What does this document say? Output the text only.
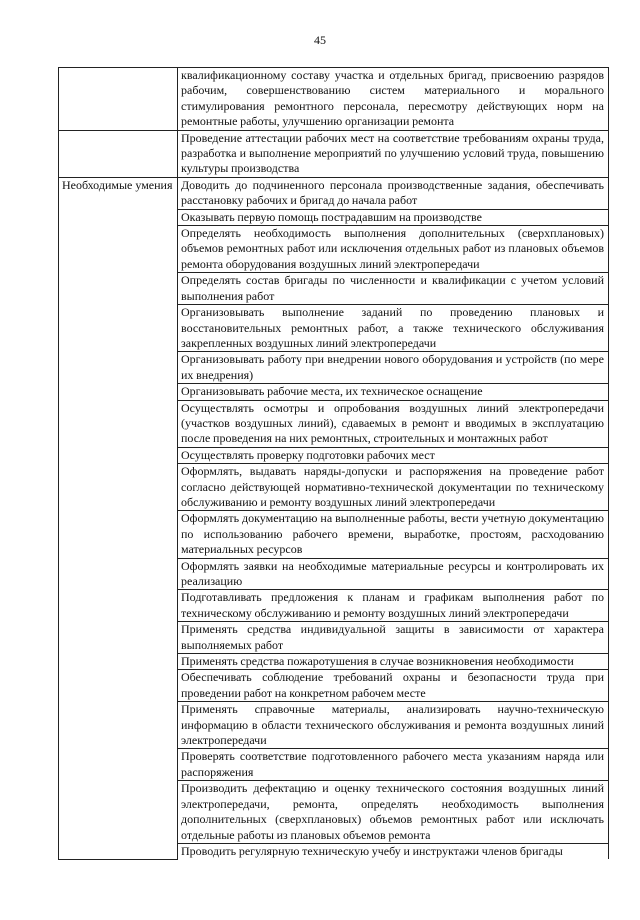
45
	квалификационному составу участка и отдельных бригад, присвоению разрядов рабочим, совершенствованию систем материального и морального стимулирования ремонтного персонала, пересмотру действующих норм на ремонтные работы, улучшению организации ремонта
	Проведение аттестации рабочих мест на соответствие требованиям охраны труда, разработка и выполнение мероприятий по улучшению условий труда, повышению культуры производства
Необходимые умения	Доводить до подчиненного персонала производственные задания, обеспечивать расстановку рабочих и бригад до начала работ
	Оказывать первую помощь пострадавшим на производстве
	Определять необходимость выполнения дополнительных (сверхплановых) объемов ремонтных работ или исключения отдельных работ из плановых объемов ремонта оборудования воздушных линий электропередачи
	Определять состав бригады по численности и квалификации с учетом условий выполнения работ
	Организовывать выполнение заданий по проведению плановых и восстановительных ремонтных работ, а также технического обслуживания закрепленных воздушных линий электропередачи
	Организовывать работу при внедрении нового оборудования и устройств (по мере их внедрения)
	Организовывать рабочие места, их техническое оснащение
	Осуществлять осмотры и опробования воздушных линий электропередачи (участков воздушных линий), сдаваемых в ремонт и вводимых в эксплуатацию после проведения на них ремонтных, строительных и монтажных работ
	Осуществлять проверку подготовки рабочих мест
	Оформлять, выдавать наряды-допуски и распоряжения на проведение работ согласно действующей нормативно-технической документации по техническому обслуживанию и ремонту воздушных линий электропередачи
	Оформлять документацию на выполненные работы, вести учетную документацию по использованию рабочего времени, выработке, простоям, расходованию материальных ресурсов
	Оформлять заявки на необходимые материальные ресурсы и контролировать их реализацию
	Подготавливать предложения к планам и графикам выполнения работ по техническому обслуживанию и ремонту воздушных линий электропередачи
	Применять средства индивидуальной защиты в зависимости от характера выполняемых работ
	Применять средства пожаротушения в случае возникновения необходимости
	Обеспечивать соблюдение требований охраны и безопасности труда при проведении работ на конкретном рабочем месте
	Применять справочные материалы, анализировать научно-техническую информацию в области технического обслуживания и ремонта воздушных линий электропередачи
	Проверять соответствие подготовленного рабочего места указаниям наряда или распоряжения
	Производить дефектацию и оценку технического состояния воздушных линий электропередачи, ремонта, определять необходимость выполнения дополнительных (сверхплановых) объемов ремонтных работ или исключать отдельные работы из плановых объемов ремонта
	Проводить регулярную техническую учебу и инструктажи членов бригады
